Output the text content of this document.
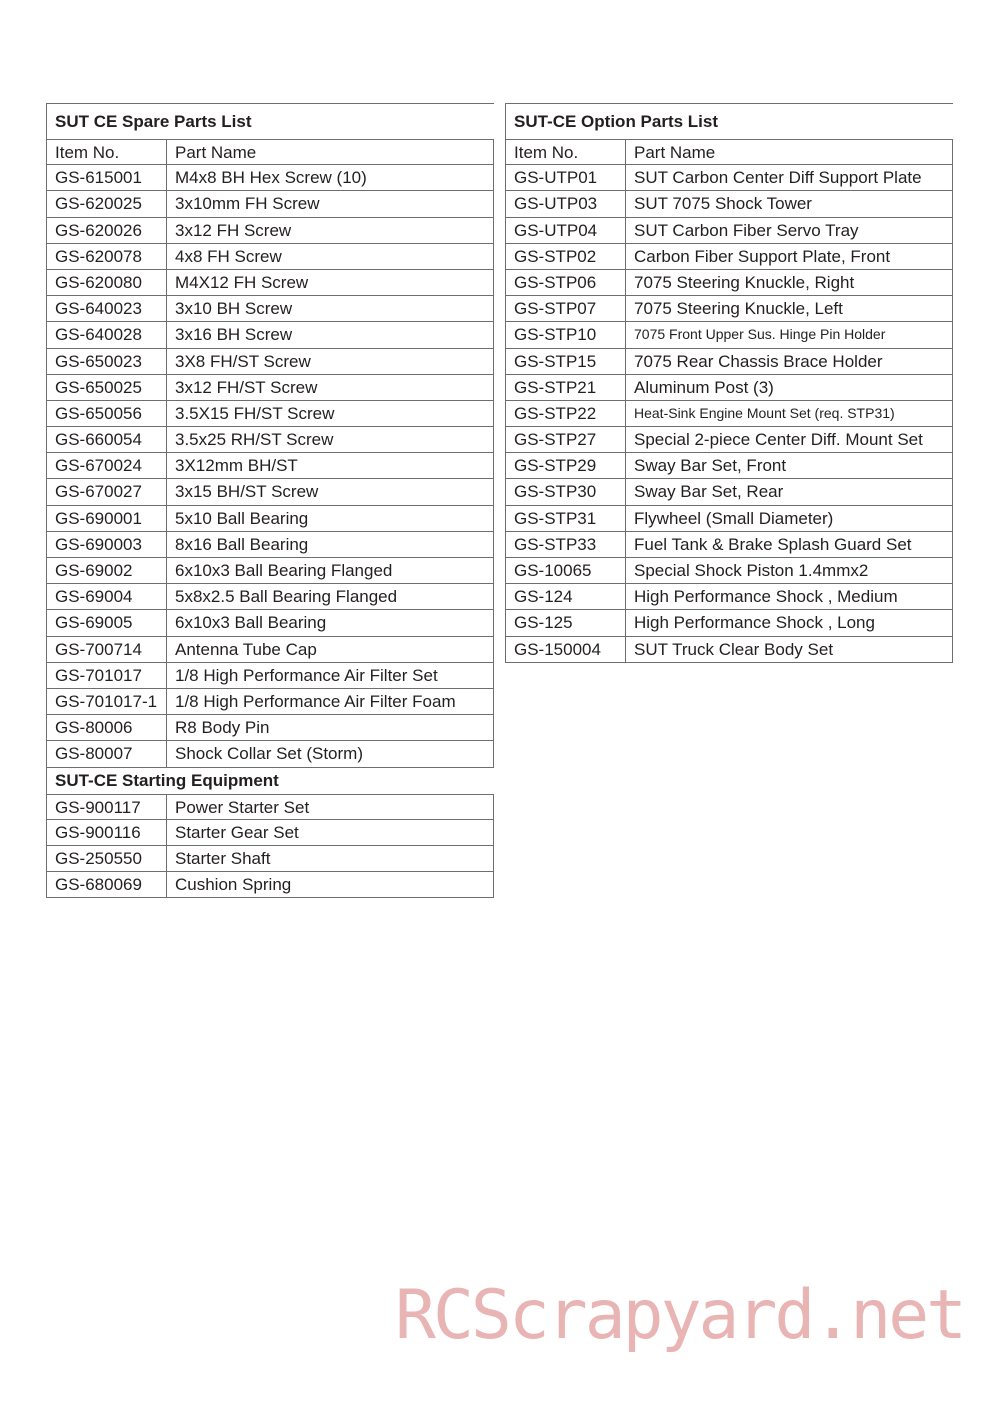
SUT CE Spare Parts List
Item No.	Part Name
GS-615001	M4x8 BH Hex Screw (10)
GS-620025	3x10mm FH Screw
GS-620026	3x12 FH Screw
GS-620078	4x8 FH Screw
GS-620080	M4X12 FH Screw
GS-640023	3x10 BH Screw
GS-640028	3x16 BH Screw
GS-650023	3X8 FH/ST Screw
GS-650025	3x12 FH/ST Screw
GS-650056	3.5X15 FH/ST Screw
GS-660054	3.5x25 RH/ST Screw
GS-670024	3X12mm BH/ST
GS-670027	3x15 BH/ST Screw
GS-690001	5x10 Ball Bearing
GS-690003	8x16 Ball Bearing
GS-69002	6x10x3 Ball Bearing Flanged
GS-69004	5x8x2.5 Ball Bearing Flanged
GS-69005	6x10x3 Ball Bearing
GS-700714	Antenna Tube Cap
GS-701017	1/8 High Performance Air Filter Set
GS-701017-1	1/8 High Performance Air Filter Foam
GS-80006	R8 Body Pin
GS-80007	Shock Collar Set (Storm)
SUT-CE Starting Equipment
GS-900117	Power Starter Set
GS-900116	Starter Gear Set
GS-250550	Starter Shaft
GS-680069	Cushion Spring
SUT-CE Option Parts List
Item No.	Part Name
GS-UTP01	SUT Carbon Center Diff Support Plate
GS-UTP03	SUT 7075 Shock Tower
GS-UTP04	SUT Carbon Fiber Servo Tray
GS-STP02	Carbon Fiber Support Plate, Front
GS-STP06	7075 Steering Knuckle, Right
GS-STP07	7075 Steering Knuckle, Left
GS-STP10	7075 Front Upper Sus. Hinge Pin Holder
GS-STP15	7075 Rear Chassis Brace Holder
GS-STP21	Aluminum Post (3)
GS-STP22	Heat-Sink Engine Mount Set (req. STP31)
GS-STP27	Special 2-piece Center Diff. Mount Set
GS-STP29	Sway Bar Set, Front
GS-STP30	Sway Bar Set, Rear
GS-STP31	Flywheel (Small Diameter)
GS-STP33	Fuel Tank & Brake Splash Guard Set
GS-10065	Special Shock Piston 1.4mmx2
GS-124	High Performance Shock , Medium
GS-125	High Performance Shock , Long
GS-150004	SUT Truck Clear Body Set
RCScrapyard.net
